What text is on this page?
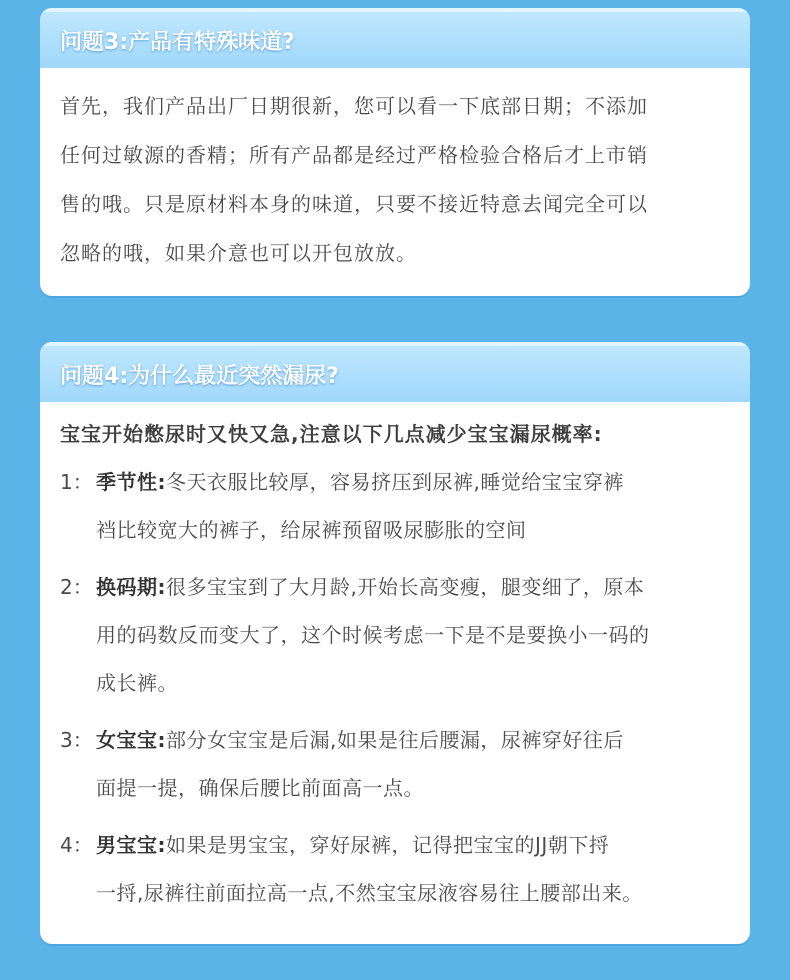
问题3:产品有特殊味道?

首先，我们产品出厂日期很新，您可以看一下底部日期；不添加

任何过敏源的香精；所有产品都是经过严格检验合格后才上市销

售的哦。只是原材料本身的味道，只要不接近特意去闻完全可以

忽略的哦，如果介意也可以开包放放。

问题4:为什么最近突然漏尿?

宝宝开始憋尿时又快又急,注意以下几点减少宝宝漏尿概率:

1： 季节性:冬天衣服比较厚，容易挤压到尿裤,睡觉给宝宝穿裤
裆比较宽大的裤子，给尿裤预留吸尿膨胀的空间
2： 换码期:很多宝宝到了大月龄,开始长高变瘦，腿变细了，原本
用的码数反而变大了，这个时候考虑一下是不是要换小一码的
成长裤。
3： 女宝宝:部分女宝宝是后漏,如果是往后腰漏，尿裤穿好往后
面提一提，确保后腰比前面高一点。
4： 男宝宝:如果是男宝宝，穿好尿裤，记得把宝宝的JJ朝下捋
一捋,尿裤往前面拉高一点,不然宝宝尿液容易往上腰部出来。
